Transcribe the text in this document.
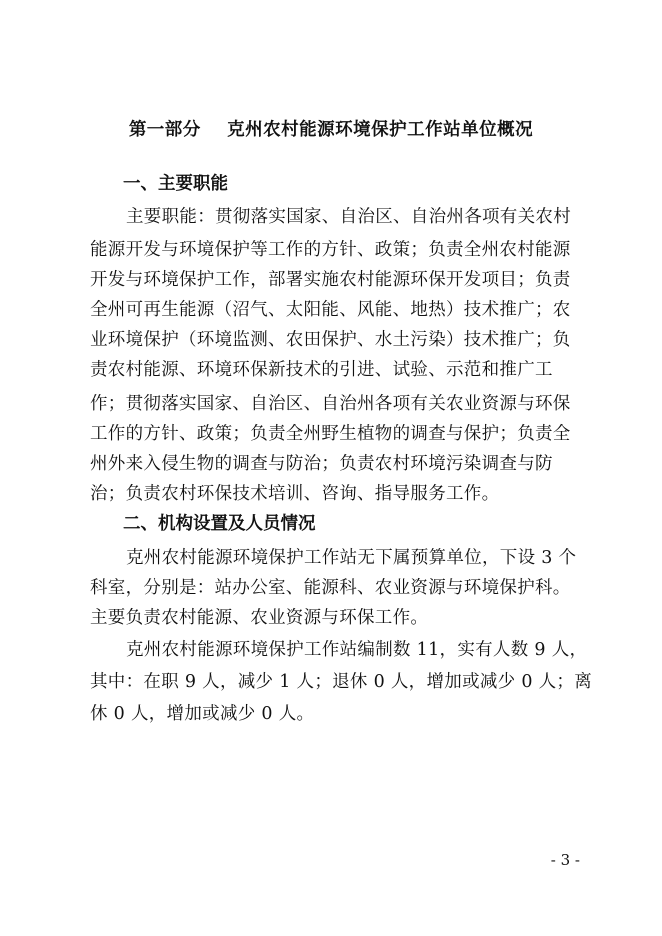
第一部分    克州农村能源环境保护工作站单位概况
一、主要职能
主要职能：贯彻落实国家、自治区、自治州各项有关农村
能源开发与环境保护等工作的方针、政策；负责全州农村能源
开发与环境保护工作，部署实施农村能源环保开发项目；负责
全州可再生能源（沼气、太阳能、风能、地热）技术推广；农
业环境保护（环境监测、农田保护、水土污染）技术推广；负
责农村能源、环境环保新技术的引进、试验、示范和推广工
作；贯彻落实国家、自治区、自治州各项有关农业资源与环保
工作的方针、政策；负责全州野生植物的调查与保护；负责全
州外来入侵生物的调查与防治；负责农村环境污染调查与防
治；负责农村环保技术培训、咨询、指导服务工作。
二、机构设置及人员情况
克州农村能源环境保护工作站无下属预算单位，下设 3 个
科室，分别是：站办公室、能源科、农业资源与环境保护科。
主要负责农村能源、农业资源与环保工作。
克州农村能源环境保护工作站编制数 11，实有人数 9 人，
其中：在职 9 人，减少 1 人；退休 0 人，增加或减少 0 人；离
休 0 人，增加或减少 0 人。
- 3 -
